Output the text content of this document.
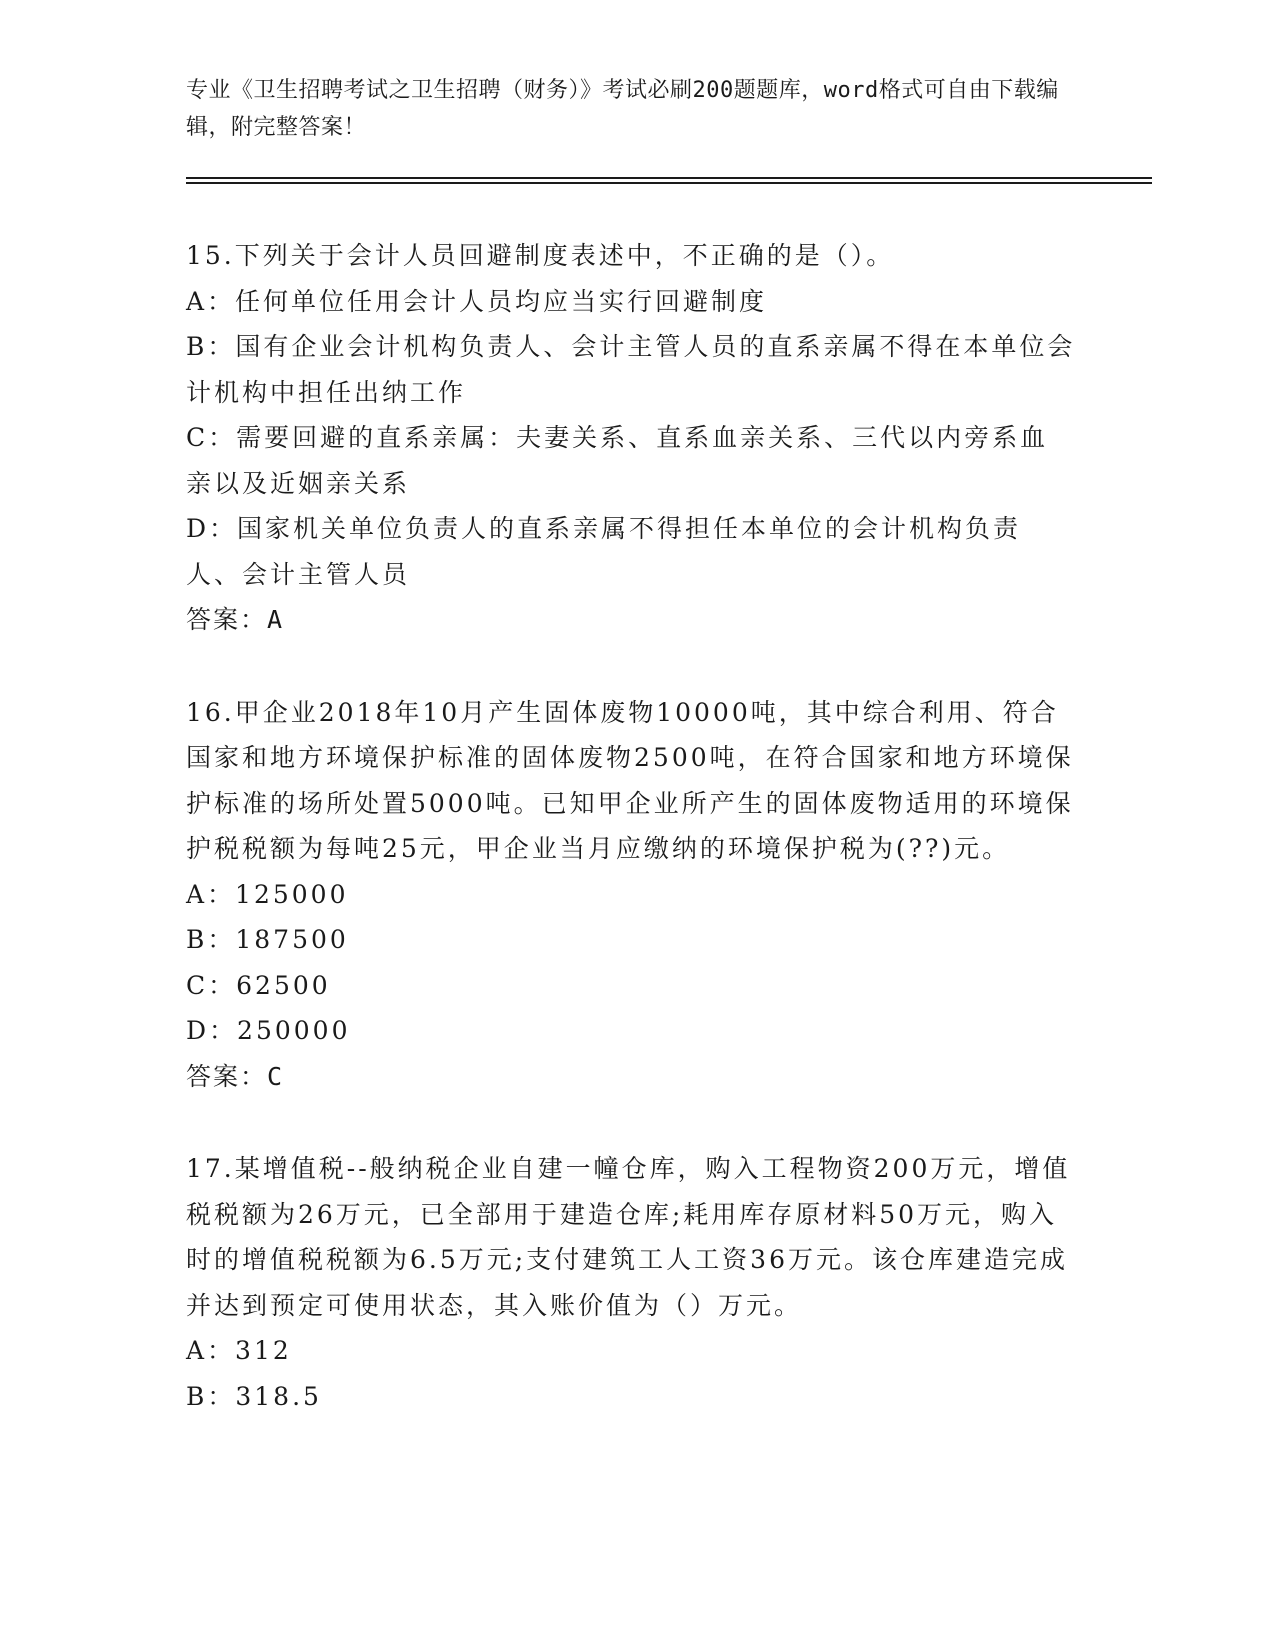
专业《卫生招聘考试之卫生招聘（财务）》考试必刷200题题库，word格式可自由下载编辑，附完整答案！
15.下列关于会计人员回避制度表述中，不正确的是（）。
A：任何单位任用会计人员均应当实行回避制度
B：国有企业会计机构负责人、会计主管人员的直系亲属不得在本单位会计机构中担任出纳工作
C：需要回避的直系亲属：夫妻关系、直系血亲关系、三代以内旁系血亲以及近姻亲关系
D：国家机关单位负责人的直系亲属不得担任本单位的会计机构负责人、会计主管人员
答案：A
16.甲企业2018年10月产生固体废物10000吨，其中综合利用、符合国家和地方环境保护标准的固体废物2500吨，在符合国家和地方环境保护标准的场所处置5000吨。已知甲企业所产生的固体废物适用的环境保护税税额为每吨25元，甲企业当月应缴纳的环境保护税为(??)元。
A：125000
B：187500
C：62500
D：250000
答案：C
17.某增值税--般纳税企业自建一幢仓库，购入工程物资200万元，增值税税额为26万元，已全部用于建造仓库;耗用库存原材料50万元，购入时的增值税税额为6.5万元;支付建筑工人工资36万元。该仓库建造完成并达到预定可使用状态，其入账价值为（）万元。
A：312
B：318.5
